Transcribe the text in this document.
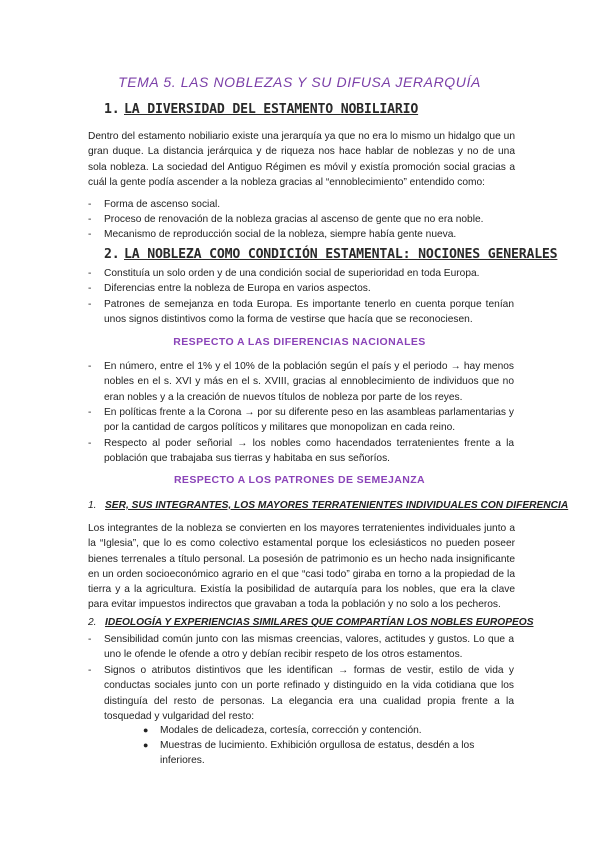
TEMA 5. LAS NOBLEZAS Y SU DIFUSA JERARQUÍA
1. LA DIVERSIDAD DEL ESTAMENTO NOBILIARIO
Dentro del estamento nobiliario existe una jerarquía ya que no era lo mismo un hidalgo que un gran duque. La distancia jerárquica y de riqueza nos hace hablar de noblezas y no de una sola nobleza. La sociedad del Antiguo Régimen es móvil y existía promoción social gracias a cuál la gente podía ascender a la nobleza gracias al “ennoblecimiento” entendido como:
- Forma de ascenso social.
- Proceso de renovación de la nobleza gracias al ascenso de gente que no era noble.
- Mecanismo de reproducción social de la nobleza, siempre había gente nueva.
2. LA NOBLEZA COMO CONDICIÓN ESTAMENTAL: NOCIONES GENERALES
- Constituía un solo orden y de una condición social de superioridad en toda Europa.
- Diferencias entre la nobleza de Europa en varios aspectos.
- Patrones de semejanza en toda Europa. Es importante tenerlo en cuenta porque tenían unos signos distintivos como la forma de vestirse que hacía que se reconociesen.
RESPECTO A LAS DIFERENCIAS NACIONALES
- En número, entre el 1% y el 10% de la población según el país y el periodo → hay menos nobles en el s. XVI y más en el s. XVIII, gracias al ennoblecimiento de individuos que no eran nobles y a la creación de nuevos títulos de nobleza por parte de los reyes.
- En políticas frente a la Corona → por su diferente peso en las asambleas parlamentarias y por la cantidad de cargos políticos y militares que monopolizan en cada reino.
- Respecto al poder señorial → los nobles como hacendados terratenientes frente a la población que trabajaba sus tierras y habitaba en sus señoríos.
RESPECTO A LOS PATRONES DE SEMEJANZA
1. SER, SUS INTEGRANTES, LOS MAYORES TERRATENIENTES INDIVIDUALES CON DIFERENCIA
Los integrantes de la nobleza se convierten en los mayores terratenientes individuales junto a la “Iglesia”, que lo es como colectivo estamental porque los eclesiásticos no pueden poseer bienes terrenales a título personal. La posesión de patrimonio es un hecho nada insignificante en un orden socioeconómico agrario en el que “casi todo” giraba en torno a la propiedad de la tierra y a la agricultura. Existía la posibilidad de autarquía para los nobles, que era la clave para evitar impuestos indirectos que gravaban a toda la población y no solo a los pecheros.
2. IDEOLOGÍA Y EXPERIENCIAS SIMILARES QUE COMPARTÍAN LOS NOBLES EUROPEOS
- Sensibilidad común junto con las mismas creencias, valores, actitudes y gustos. Lo que a uno le ofende le ofende a otro y debían recibir respeto de los otros estamentos.
- Signos o atributos distintivos que les identifican → formas de vestir, estilo de vida y conductas sociales junto con un porte refinado y distinguido en la vida cotidiana que los distinguía del resto de personas. La elegancia era una cualidad propia frente a la tosquedad y vulgaridad del resto:
● Modales de delicadeza, cortesía, corrección y contención.
● Muestras de lucimiento. Exhibición orgullosa de estatus, desdén a los inferiores.
